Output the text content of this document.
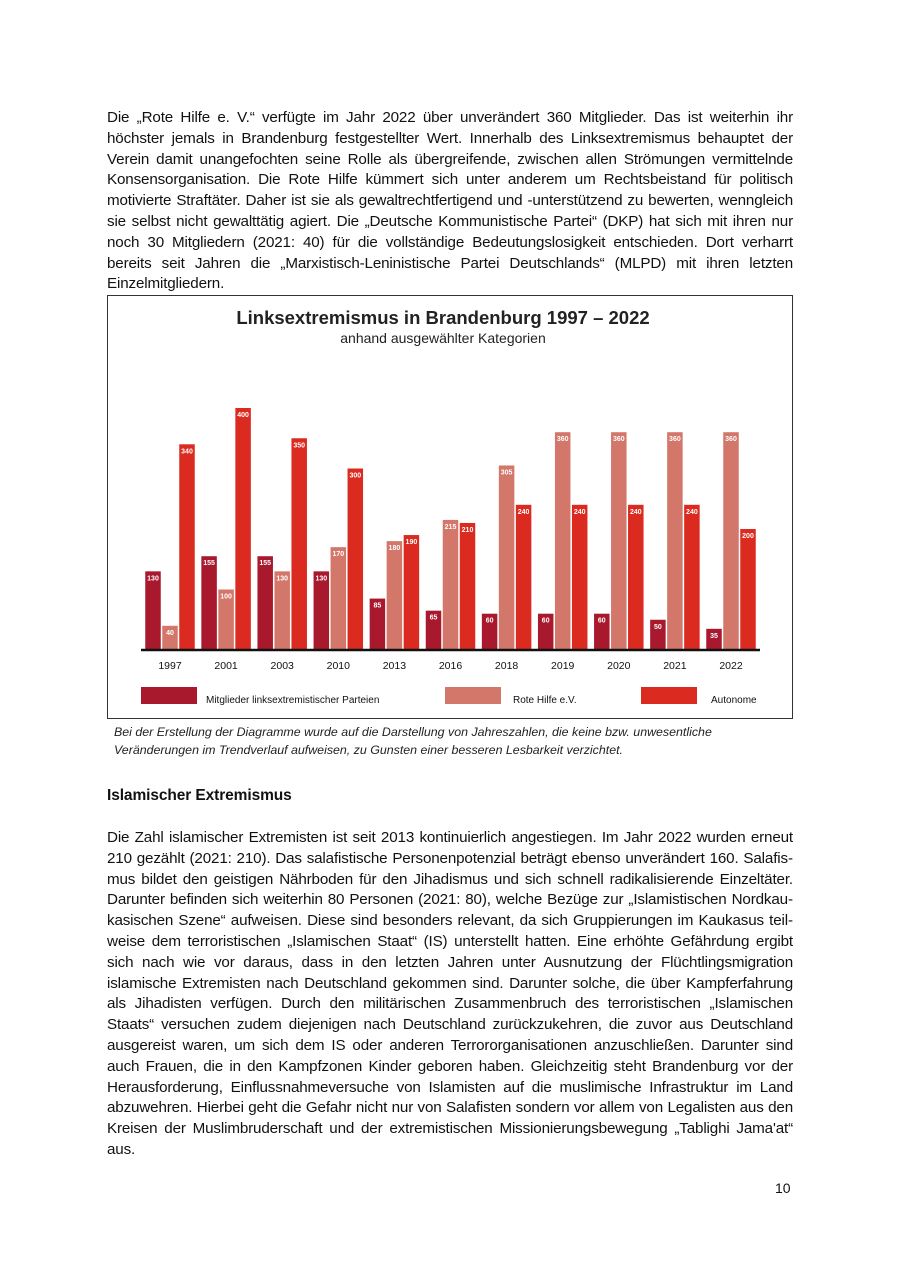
Die „Rote Hilfe e. V.“ verfügte im Jahr 2022 über unverändert 360 Mitglieder. Das ist weiterhin ihr höchster jemals in Brandenburg festgestellter Wert. Innerhalb des Linksextremismus behauptet der Verein damit unangefochten seine Rolle als übergreifende, zwischen allen Strömungen vermittelnde Konsensorganisation. Die Rote Hilfe kümmert sich unter anderem um Rechtsbeistand für politisch motivierte Straftäter. Daher ist sie als gewaltrechtfertigend und -unterstützend zu bewerten, wenngleich sie selbst nicht gewalttätig agiert. Die „Deutsche Kommunistische Partei“ (DKP) hat sich mit ihren nur noch 30 Mitgliedern (2021: 40) für die vollständige Bedeutungslosigkeit entschieden. Dort verharrt bereits seit Jahren die „Marxistisch-Leninistische Partei Deutschlands“ (MLPD) mit ihren letzten Einzelmitgliedern.

Linksextremismus in Brandenburg 1997 – 2022
anhand ausgewählter Kategorien
130
40
340
155
100
400
155
130
350
130
170
300
85
180
190
65
215 210
60
305
240
60
360
240
60
360
240
50
360
240
35
360
200
1997	2001	2003	2010	2013	2016	2018	2019	2020	2021	2022
Mitglieder linksextremistischer Parteien	Rote Hilfe e.V.	Autonome
Bei der Erstellung der Diagramme wurde auf die Darstellung von Jahreszahlen, die keine bzw. unwesentliche Veränderungen im Trendverlauf aufweisen, zu Gunsten einer besseren Lesbarkeit verzichtet.
Islamischer Extremismus

Die Zahl islamischer Extremisten ist seit 2013 kontinuierlich angestiegen. Im Jahr 2022 wurden erneut 210 gezählt (2021: 210). Das salafistische Personenpotenzial beträgt ebenso unverändert 160. Salafismus bildet den geistigen Nährboden für den Jihadismus und sich schnell radikalisierende Einzeltäter. Darunter befinden sich weiterhin 80 Personen (2021: 80), welche Bezüge zur „Islamistischen Nordkaukasischen Szene“ aufweisen. Diese sind besonders relevant, da sich Gruppierungen im Kaukasus teilweise dem terroristischen „Islamischen Staat“ (IS) unterstellt hatten. Eine erhöhte Gefährdung ergibt sich nach wie vor daraus, dass in den letzten Jahren unter Ausnutzung der Flüchtlingsmigration islamische Extremisten nach Deutschland gekommen sind. Darunter solche, die über Kampferfahrung als Jihadisten verfügen. Durch den militärischen Zusammenbruch des terroristischen „Islamischen Staats“ versuchen zudem diejenigen nach Deutschland zurückzukehren, die zuvor aus Deutschland ausgereist waren, um sich dem IS oder anderen Terrororganisationen anzuschließen. Darunter sind auch Frauen, die in den Kampfzonen Kinder geboren haben. Gleichzeitig steht Brandenburg vor der Herausforderung, Einflussnahmeversuche von Islamisten auf die muslimische Infrastruktur im Land abzuwehren. Hierbei geht die Gefahr nicht nur von Salafisten sondern vor allem von Legalisten aus den Kreisen der Muslimbruderschaft und der extremistischen Missionierungsbewegung „Tablighi Jama'at“ aus.

10
